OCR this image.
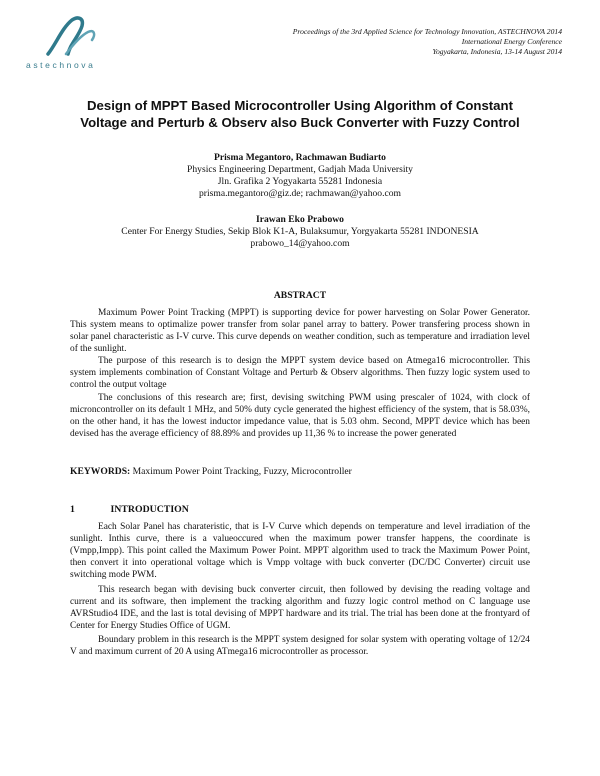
astechnova
Proceedings of the 3rd Applied Science for Technology Innovation, ASTECHNOVA 2014
International Energy Conference
Yogyakarta, Indonesia, 13-14 August 2014
Design of MPPT Based Microcontroller Using Algorithm of Constant
Voltage and Perturb & Observ also Buck Converter with Fuzzy Control
Prisma Megantoro, Rachmawan Budiarto
Physics Engineering Department, Gadjah Mada University
Jln. Grafika 2 Yogyakarta 55281 Indonesia
prisma.megantoro@giz.de; rachmawan@yahoo.com
Irawan Eko Prabowo
Center For Energy Studies, Sekip Blok K1-A, Bulaksumur, Yorgyakarta 55281 INDONESIA
prabowo_14@yahoo.com
ABSTRACT

Maximum Power Point Tracking (MPPT) is supporting device for power harvesting on Solar Power Generator. This system means to optimalize power transfer from solar panel array to battery. Power transfering process shown in solar panel characteristic as I-V curve. This curve depends on weather condition, such as temperature and irradiation level of the sunlight.

The purpose of this research is to design the MPPT system device based on Atmega16 microcontroller. This system implements combination of Constant Voltage and Perturb & Observ algorithms. Then fuzzy logic system used to control the output voltage

The conclusions of this research are; first, devising switching PWM using prescaler of 1024, with clock of microncontroller on its default 1 MHz, and 50% duty cycle generated the highest efficiency of the system, that is 58.03%, on the other hand, it has the lowest inductor impedance value, that is 5.03 ohm. Second, MPPT device which has been devised has the average efficiency of 88.89% and provides up 11,36 % to increase the power generated

KEYWORDS: Maximum Power Point Tracking, Fuzzy, Microcontroller
1	INTRODUCTION

Each Solar Panel has charateristic, that is I-V Curve which depends on temperature and level irradiation of the sunlight. Inthis curve, there is a valueoccured when the maximum power transfer happens, the coordinate is (Vmpp,Impp). This point called the Maximum Power Point. MPPT algorithm used to track the Maximum Power Point, then convert it into operational voltage which is Vmpp voltage with buck converter (DC/DC Converter) circuit use switching mode PWM.

This research began with devising buck converter circuit, then followed by devising the reading voltage and current and its software, then implement the tracking algorithm and fuzzy logic control method on C language use AVRStudio4 IDE, and the last is total devising of MPPT hardware and its trial. The trial has been done at the frontyard of Center for Energy Studies Office of UGM.

Boundary problem in this research is the MPPT system designed for solar system with operating voltage of 12/24 V and maximum current of 20 A using ATmega16 microcontroller as processor.
